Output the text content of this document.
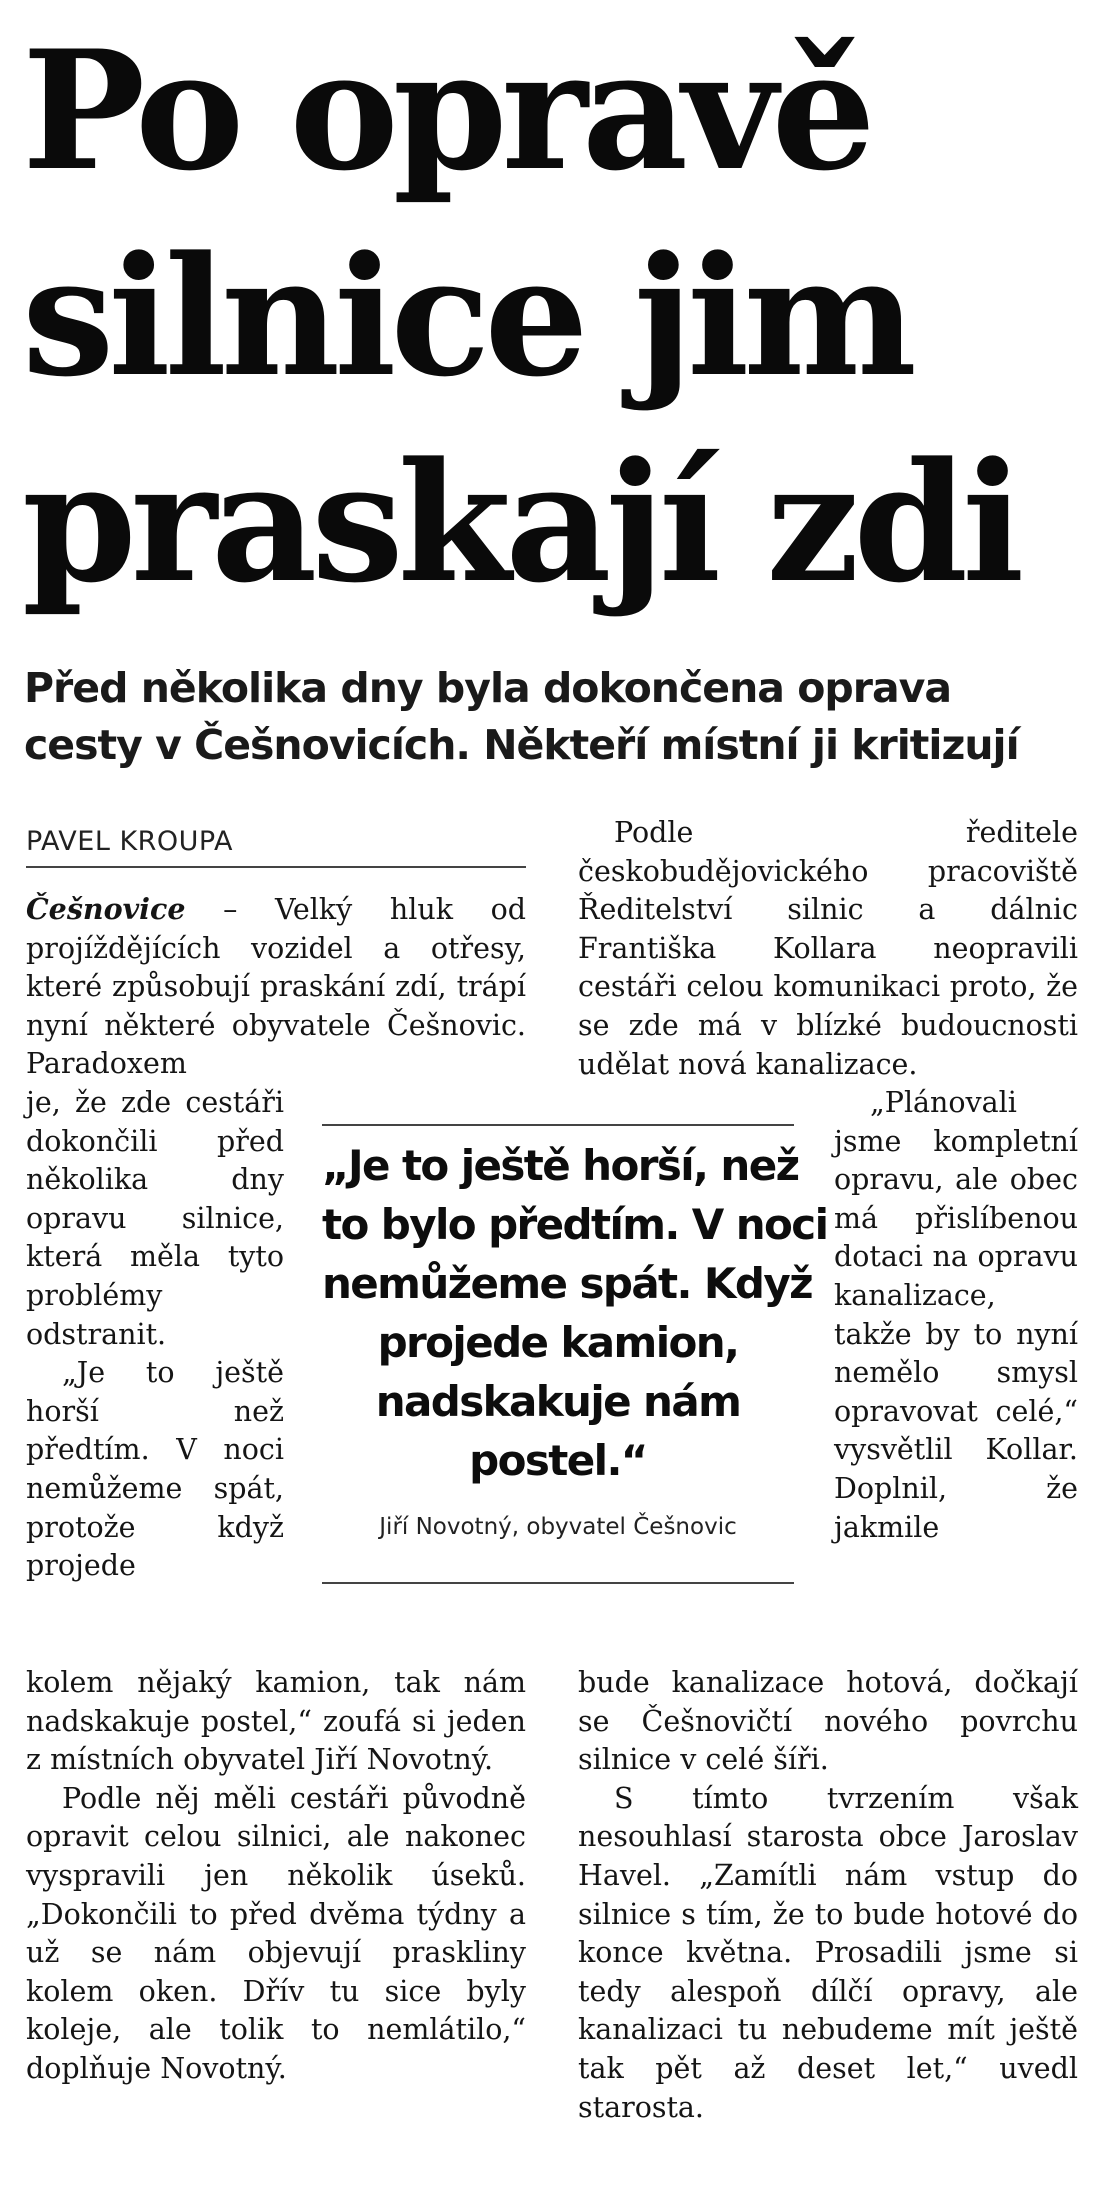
Po opravě
silnice jim
praskají zdi
Před několika dny byla dokončena oprava
cesty v Češnovicích. Někteří místní ji kritizují
PAVEL KROUPA

Češnovice – Velký hluk od projíždějících vozidel a otřesy, které způsobují praskání zdí, trápí nyní některé obyvatele Češnovic. Paradoxem

je, že zde cestáři dokončili před několika dny opravu silnice, která měla tyto problémy odstranit.

„Je to ještě horší než předtím. V noci nemůžeme spát, protože když projede

kolem nějaký kamion, tak nám nadskakuje postel,“ zoufá si jeden z místních obyvatel Jiří Novotný.

Podle něj měli cestáři původně opravit celou silnici, ale nakonec vyspravili jen několik úseků. „Dokončili to před dvěma týdny a už se nám objevují praskliny kolem oken. Dřív tu sice byly koleje, ale tolik to nemlátilo,“ doplňuje Novotný.

Podle ředitele českobudějovického pracoviště Ředitelství silnic a dálnic Františka Kollara neopravili cestáři celou komunikaci proto, že se zde má v blízké budoucnosti udělat nová kanalizace.

„Plánovali jsme kompletní opravu, ale obec má přislíbenou dotaci na opravu kanalizace, takže by to nyní nemělo smysl opravovat celé,“ vysvětlil Kollar. Doplnil, že jakmile

bude kanalizace hotová, dočkají se Češnovičtí nového povrchu silnice v celé šíři.

S tímto tvrzením však nesouhlasí starosta obce Jaroslav Havel. „Zamítli nám vstup do silnice s tím, že to bude hotové do konce května. Prosadili jsme si tedy alespoň dílčí opravy, ale kanalizaci tu nebudeme mít ještě tak pět až deset let,“ uvedl starosta.

„Je to ještě horší, než
to bylo předtím. V noci
nemůžeme spát. Když
projede kamion,
nadskakuje nám
postel.“

Jiří Novotný, obyvatel Češnovic
